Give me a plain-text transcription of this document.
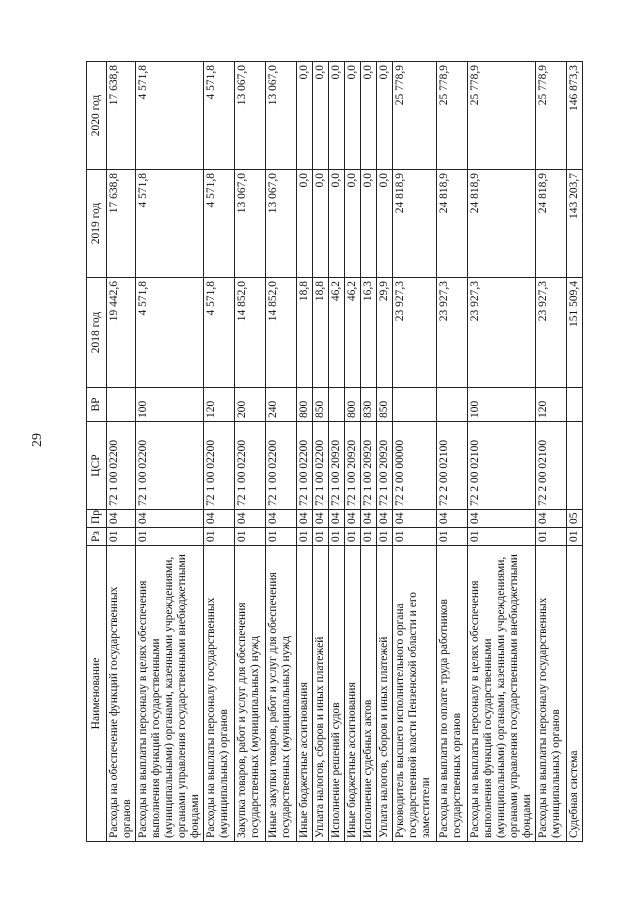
29
Наименование	Рз	Пр	ЦСР	ВР	2018 год	2019 год	2020 год
Расходы на обеспечение функций государственных органов	01	04	72 1 00 02200		19 442,6	17 638,8	17 638,8
Расходы на выплаты персоналу в целях обеспечения выполнения функций государственными (муниципальными) органами, казенными учреждениями, органами управления государственными внебюджетными фондами	01	04	72 1 00 02200	100	4 571,8	4 571,8	4 571,8
Расходы на выплаты персоналу государственных (муниципальных) органов	01	04	72 1 00 02200	120	4 571,8	4 571,8	4 571,8
Закупка товаров, работ и услуг для обеспечения государственных (муниципальных) нужд	01	04	72 1 00 02200	200	14 852,0	13 067,0	13 067,0
Иные закупки товаров, работ и услуг для обеспечения государственных (муниципальных) нужд	01	04	72 1 00 02200	240	14 852,0	13 067,0	13 067,0
Иные бюджетные ассигнования	01	04	72 1 00 02200	800	18,8	0,0	0,0
Уплата налогов, сборов и иных платежей	01	04	72 1 00 02200	850	18,8	0,0	0,0
Исполнение решений судов	01	04	72 1 00 20920		46,2	0,0	0,0
Иные бюджетные ассигнования	01	04	72 1 00 20920	800	46,2	0,0	0,0
Исполнение судебных актов	01	04	72 1 00 20920	830	16,3	0,0	0,0
Уплата налогов, сборов и иных платежей	01	04	72 1 00 20920	850	29,9	0,0	0,0
Руководитель высшего исполнительного органа государственной власти Пензенской области и его заместители	01	04	72 2 00 00000		23 927,3	24 818,9	25 778,9
Расходы на выплаты по оплате труда работников государственных органов	01	04	72 2 00 02100		23 927,3	24 818,9	25 778,9
Расходы на выплаты персоналу в целях обеспечения выполнения функций государственными (муниципальными) органами, казенными учреждениями, органами управления государственными внебюджетными фондами	01	04	72 2 00 02100	100	23 927,3	24 818,9	25 778,9
Расходы на выплаты персоналу государственных (муниципальных) органов	01	04	72 2 00 02100	120	23 927,3	24 818,9	25 778,9
Судебная система	01	05			151 509,4	143 203,7	146 873,3
